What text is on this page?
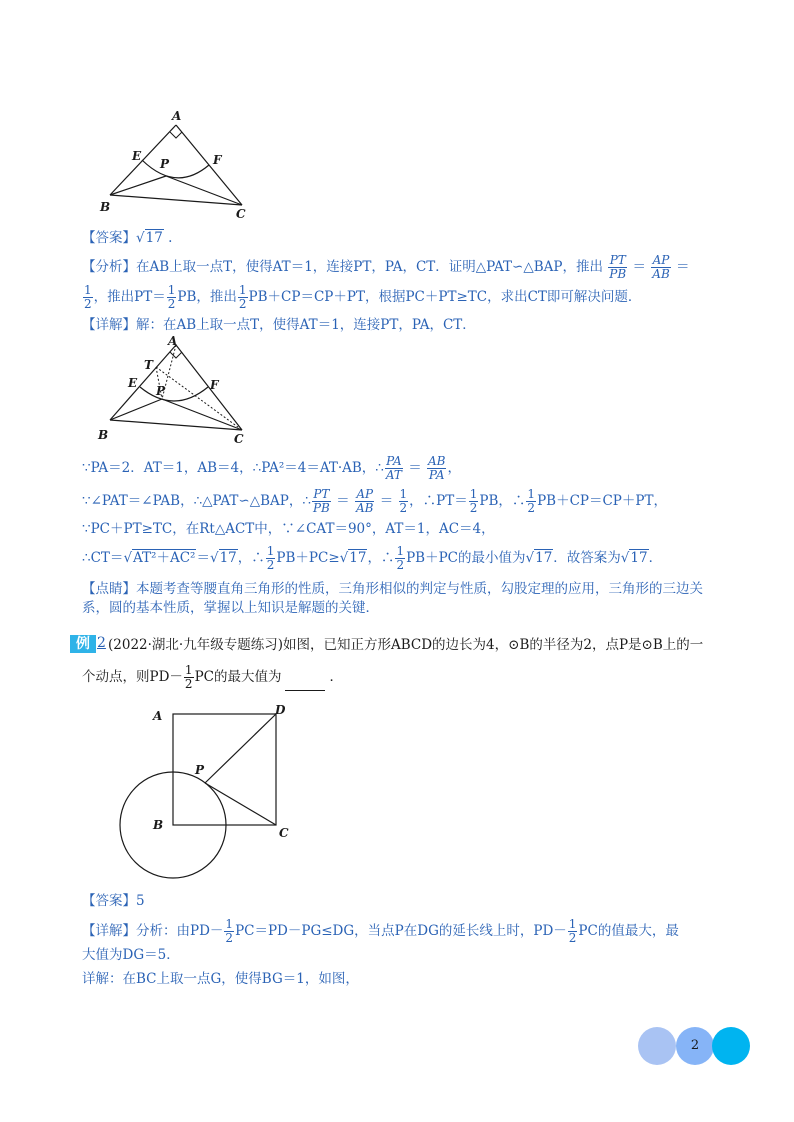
A
E
P	F
B	C
【答案】√17 .
【分析】在AB上取一点T，使得AT＝1，连接PT，PA，CT．证明△PAT∽△BAP，推出 $\frac{PT}{PB} = \frac{AP}{AB}$ ＝
$\frac{1}{2}$ ，推出$PT= \frac{1}{2}$ PB，推出 $\frac{1}{2} PB+CP=CP+PT$，根据PC＋PT≥TC，求出CT即可解决问题．
【详解】解：在AB上取一点T，使得AT＝1，连接PT，PA，CT．
A
T
E
P	F
B	C
∵PA＝2．AT＝1，AB＝4，∴PA²＝4＝AT·AB，∴ $\frac{PA}{AT} = \frac{AB}{PA}$ ，
∵∠PAT＝∠PAB，∴△PAT∽△BAP，∴ $\frac{PT}{PB} = \frac{AP}{AB} = \frac{1}{2}$ ，∴PT＝ $\frac{1}{2}$ PB，∴ $\frac{1}{2} PB+CP=CP+PT$，
∵PC＋PT≥TC，在Rt△ACT中，∵∠CAT＝90°，AT＝1，AC＝4，
∴CT＝√AT²＋AC²＝√17，∴ $\frac{1}{2} PB+PC\ge√17$，∴ $\frac{1}{2} PB+PC$的最小值为√17．故答案为√17．
【点睛】本题考查等腰直角三角形的性质，三角形相似的判定与性质，勾股定理的应用，三角形的三边关
系，圆的基本性质，掌握以上知识是解题的关键．
例 2 (2022·湖北·九年级专题练习)如图，已知正方形ABCD的边长为4，⊙B的半径为2，点P是⊙B上的一
个动点，则$PD- \frac{1}{2}$ PC的最大值为	．
A	D
P
B
C
【答案】5
【详解】分析：由$PD- \frac{1}{2} PC=PD-PG\le DG$，当点P在DG的延长线上时，$PD- \frac{1}{2}$ PC的值最大，最
大值为DG＝5．
详解：在BC上取一点G，使得BG＝1，如图，
2
